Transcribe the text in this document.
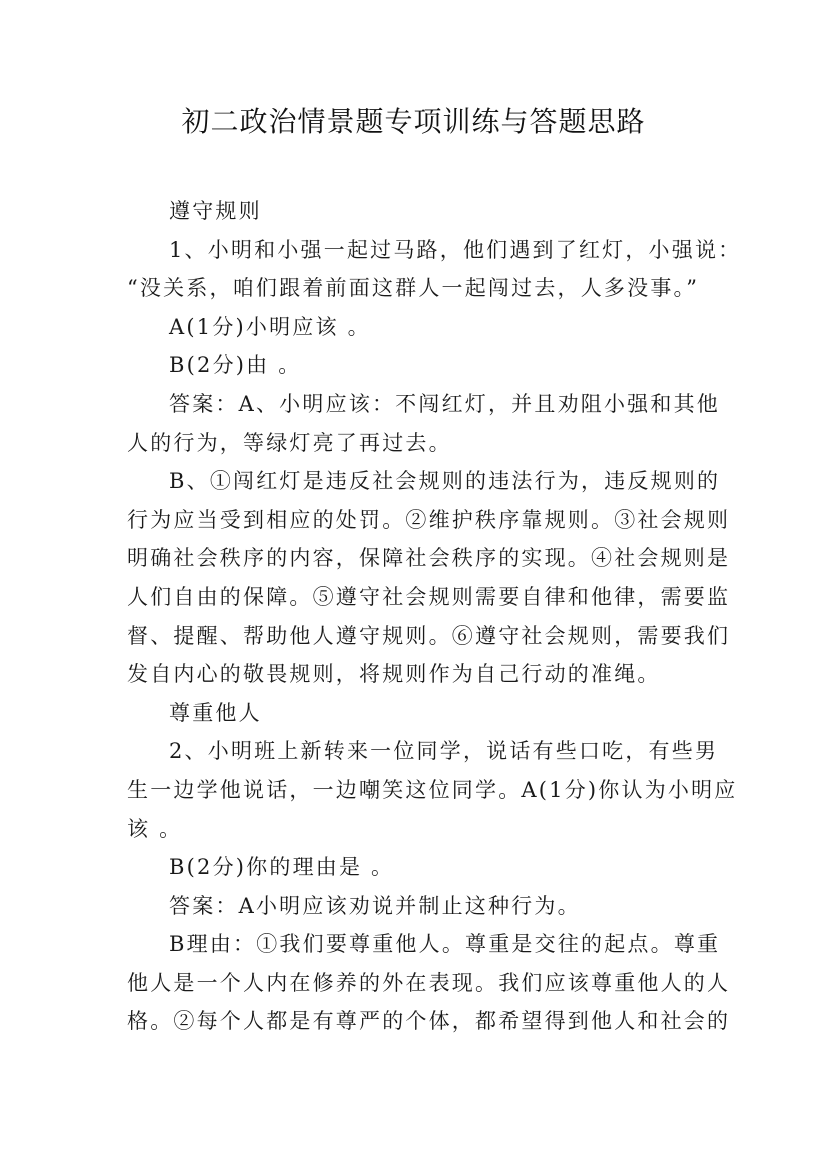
初二政治情景题专项训练与答题思路
遵守规则
1、小明和小强一起过马路，他们遇到了红灯，小强说：
“没关系，咱们跟着前面这群人一起闯过去，人多没事。”
A(1分)小明应该 。
B(2分)由 。
答案：A、小明应该：不闯红灯，并且劝阻小强和其他
人的行为，等绿灯亮了再过去。
B、①闯红灯是违反社会规则的违法行为，违反规则的
行为应当受到相应的处罚。②维护秩序靠规则。③社会规则
明确社会秩序的内容，保障社会秩序的实现。④社会规则是
人们自由的保障。⑤遵守社会规则需要自律和他律，需要监
督、提醒、帮助他人遵守规则。⑥遵守社会规则，需要我们
发自内心的敬畏规则，将规则作为自己行动的准绳。
尊重他人
2、小明班上新转来一位同学，说话有些口吃，有些男
生一边学他说话，一边嘲笑这位同学。A(1分)你认为小明应
该 。
B(2分)你的理由是 。
答案：A小明应该劝说并制止这种行为。
B理由：①我们要尊重他人。尊重是交往的起点。尊重
他人是一个人内在修养的外在表现。我们应该尊重他人的人
格。②每个人都是有尊严的个体，都希望得到他人和社会的
